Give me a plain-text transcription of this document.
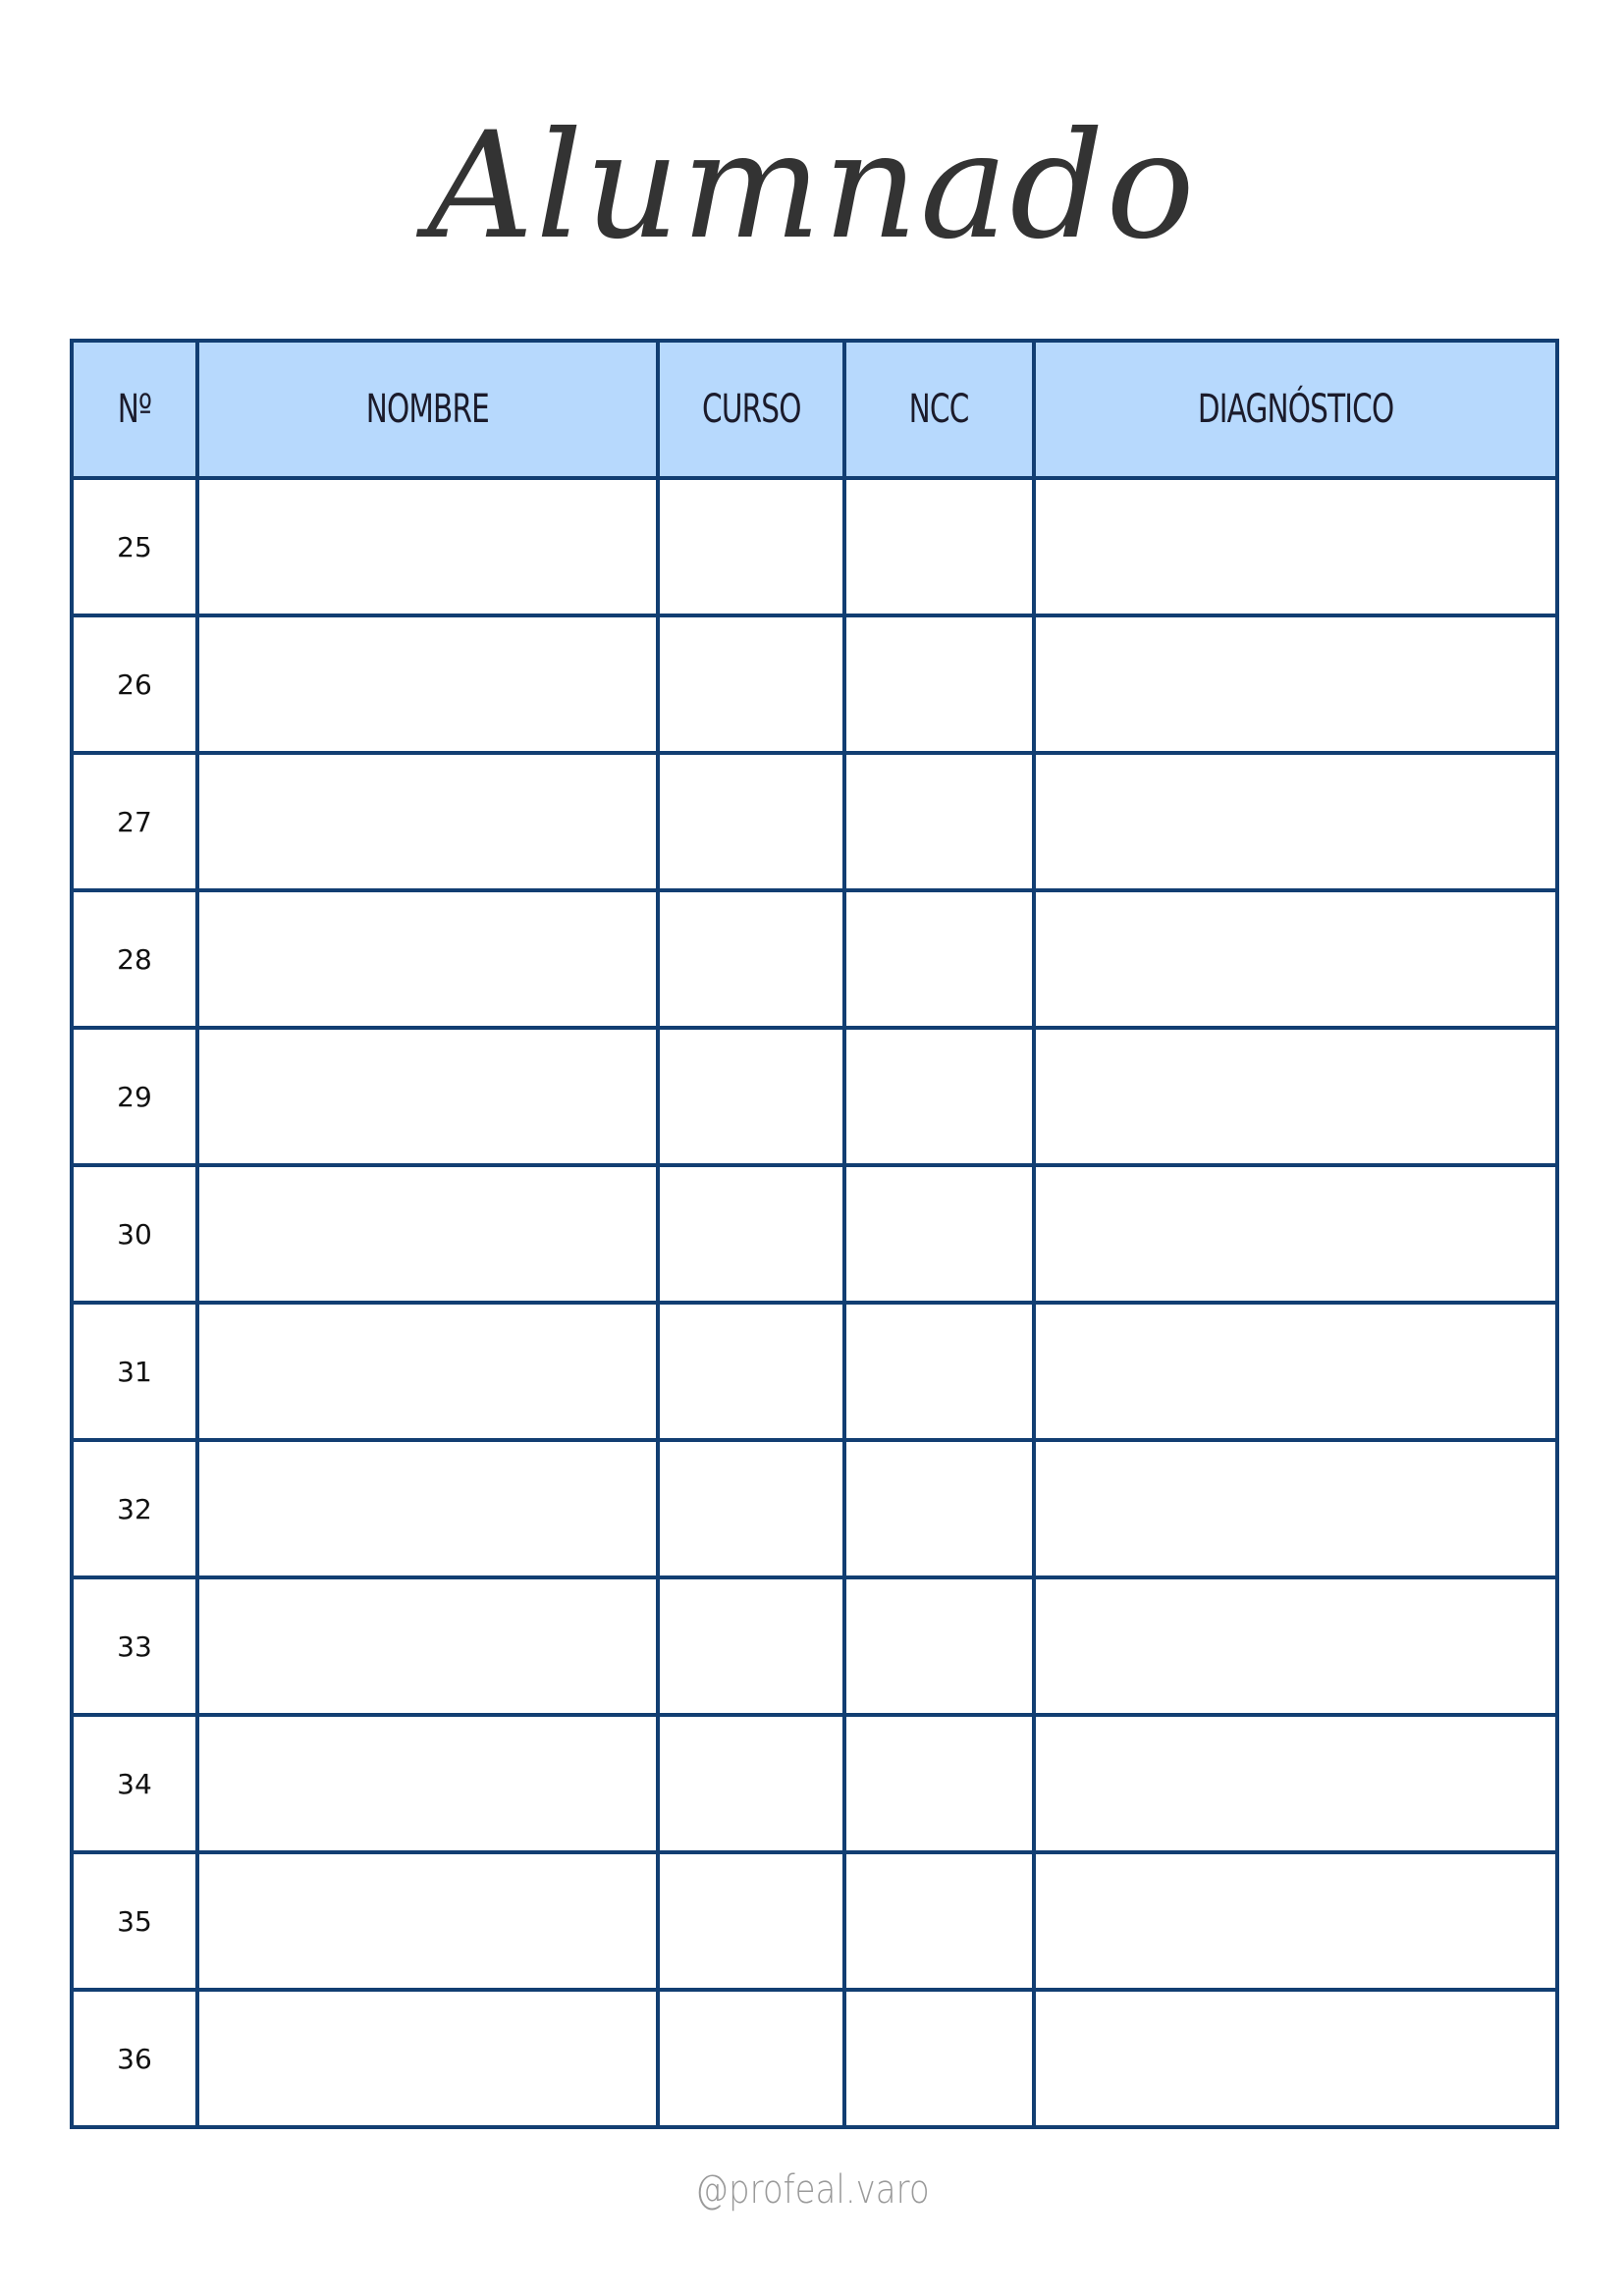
Alumnado
Nº	NOMBRE	CURSO	NCC	DIAGNÓSTICO
25				
26				
27				
28				
29				
30				
31				
32				
33				
34				
35				
36				
@profeal.varo
